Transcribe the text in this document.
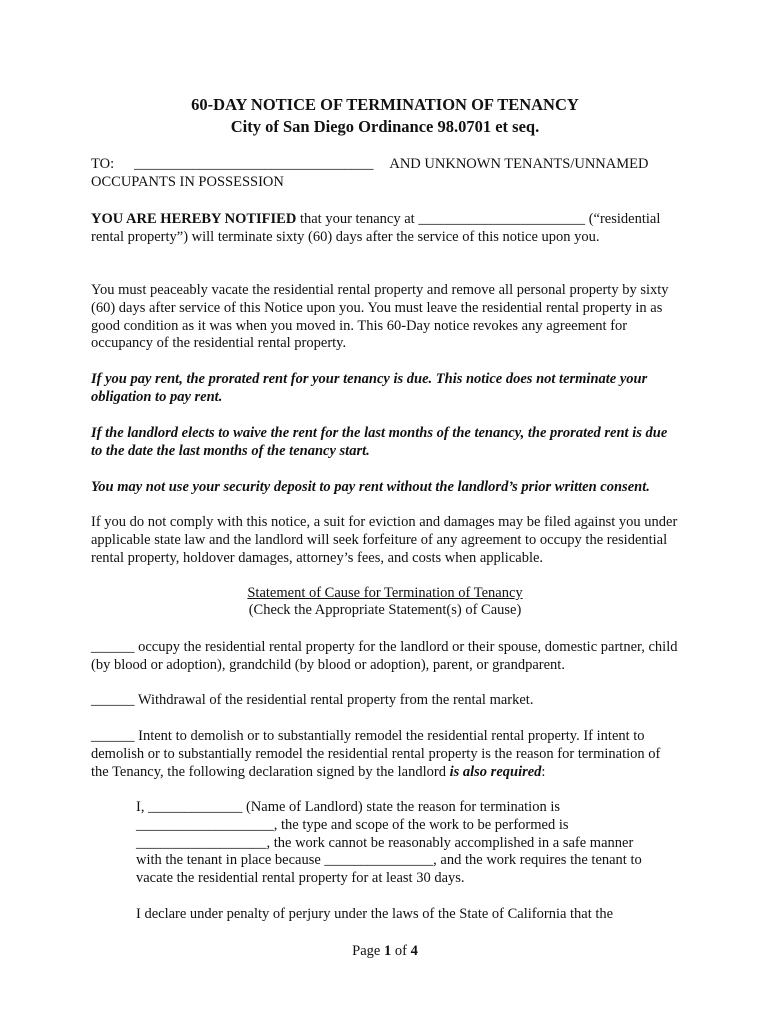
60-DAY NOTICE OF TERMINATION OF TENANCY
City of San Diego Ordinance 98.0701 et seq.
TO: _________________________________ AND UNKNOWN TENANTS/UNNAMED
OCCUPANTS IN POSSESSION
YOU ARE HEREBY NOTIFIED that your tenancy at _______________________ (“residential rental property”) will terminate sixty (60) days after the service of this notice upon you.
You must peaceably vacate the residential rental property and remove all personal property by sixty (60) days after service of this Notice upon you. You must leave the residential rental property in as good condition as it was when you moved in. This 60-Day notice revokes any agreement for occupancy of the residential rental property.
If you pay rent, the prorated rent for your tenancy is due. This notice does not terminate your obligation to pay rent.
If the landlord elects to waive the rent for the last months of the tenancy, the prorated rent is due to the date the last months of the tenancy start.
You may not use your security deposit to pay rent without the landlord’s prior written consent.
If you do not comply with this notice, a suit for eviction and damages may be filed against you under applicable state law and the landlord will seek forfeiture of any agreement to occupy the residential rental property, holdover damages, attorney’s fees, and costs when applicable.
Statement of Cause for Termination of Tenancy
(Check the Appropriate Statement(s) of Cause)
______ occupy the residential rental property for the landlord or their spouse, domestic partner, child (by blood or adoption), grandchild (by blood or adoption), parent, or grandparent.
______ Withdrawal of the residential rental property from the rental market.
______ Intent to demolish or to substantially remodel the residential rental property. If intent to demolish or to substantially remodel the residential rental property is the reason for termination of the Tenancy, the following declaration signed by the landlord is also required:
I, _____________ (Name of Landlord) state the reason for termination is ___________________, the type and scope of the work to be performed is __________________, the work cannot be reasonably accomplished in a safe manner with the tenant in place because _______________, and the work requires the tenant to vacate the residential rental property for at least 30 days.
I declare under penalty of perjury under the laws of the State of California that the
Page 1 of 4
